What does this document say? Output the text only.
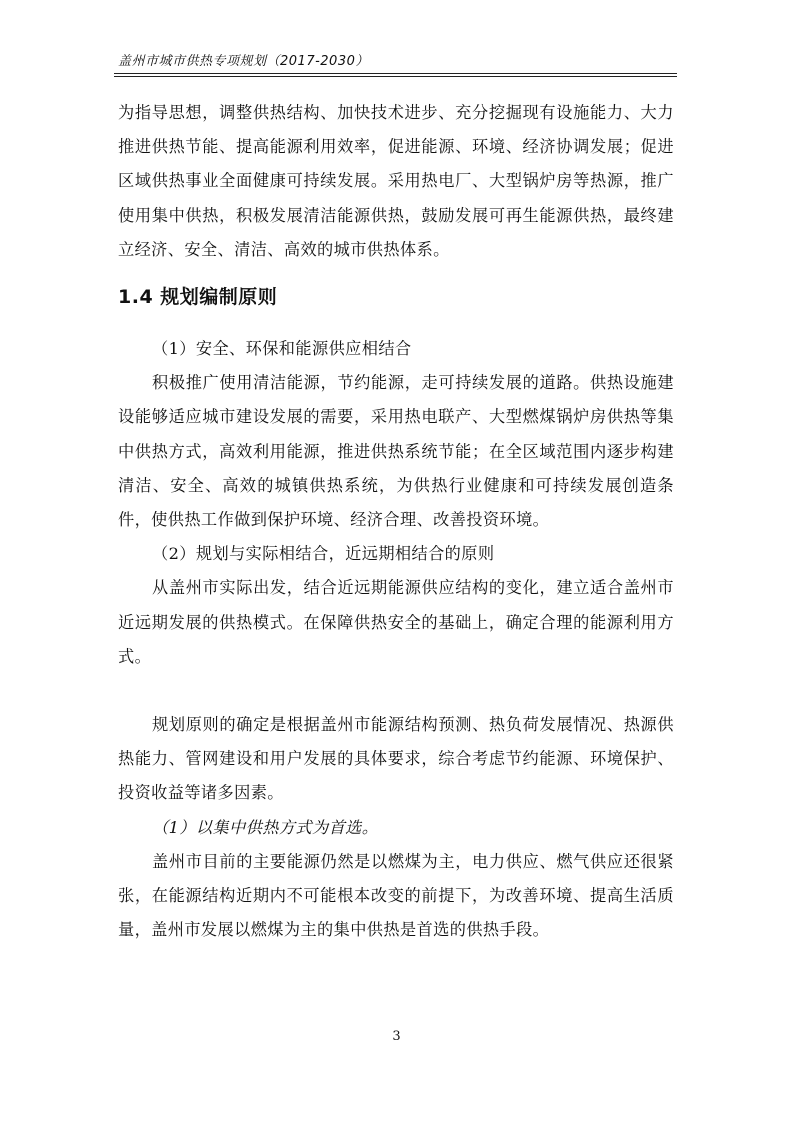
盖州市城市供热专项规划（2017-2030）

为指导思想，调整供热结构、加快技术进步、充分挖掘现有设施能力、大力推进供热节能、提高能源利用效率，促进能源、环境、经济协调发展；促进区域供热事业全面健康可持续发展。采用热电厂、大型锅炉房等热源，推广使用集中供热，积极发展清洁能源供热，鼓励发展可再生能源供热，最终建立经济、安全、清洁、高效的城市供热体系。

1.4 规划编制原则

（1）安全、环保和能源供应相结合

积极推广使用清洁能源，节约能源，走可持续发展的道路。供热设施建设能够适应城市建设发展的需要，采用热电联产、大型燃煤锅炉房供热等集中供热方式，高效利用能源，推进供热系统节能；在全区域范围内逐步构建清洁、安全、高效的城镇供热系统，为供热行业健康和可持续发展创造条件，使供热工作做到保护环境、经济合理、改善投资环境。

（2）规划与实际相结合，近远期相结合的原则

从盖州市实际出发，结合近远期能源供应结构的变化，建立适合盖州市近远期发展的供热模式。在保障供热安全的基础上，确定合理的能源利用方式。

规划原则的确定是根据盖州市能源结构预测、热负荷发展情况、热源供热能力、管网建设和用户发展的具体要求，综合考虑节约能源、环境保护、投资收益等诸多因素。

（1）以集中供热方式为首选。

盖州市目前的主要能源仍然是以燃煤为主，电力供应、燃气供应还很紧张，在能源结构近期内不可能根本改变的前提下，为改善环境、提高生活质量，盖州市发展以燃煤为主的集中供热是首选的供热手段。

3
